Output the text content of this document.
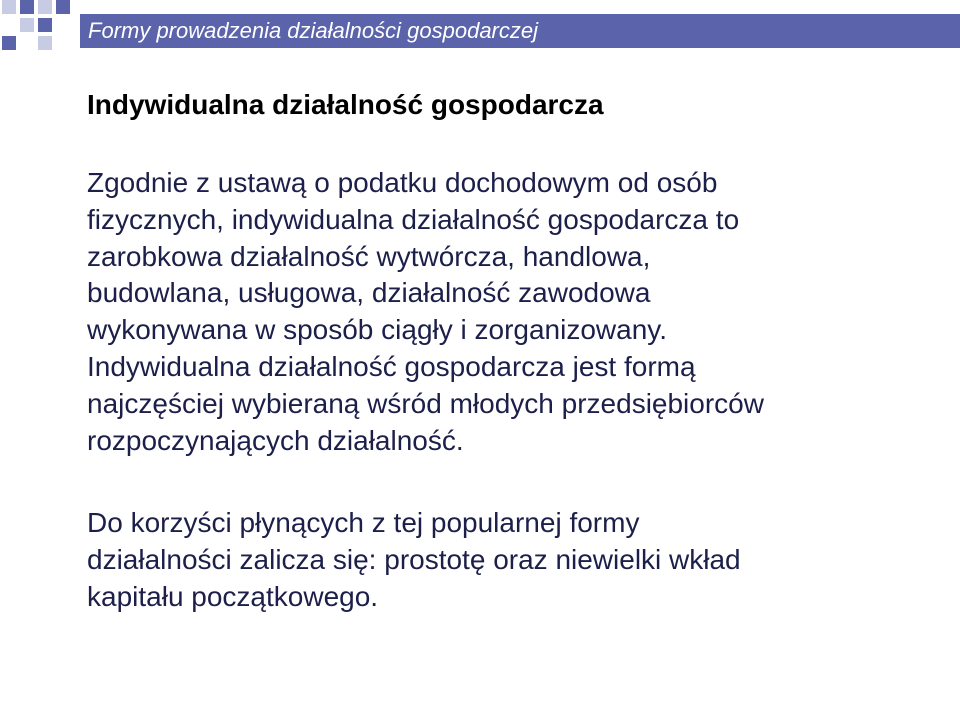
Formy prowadzenia działalności gospodarczej
Indywidualna działalność gospodarcza
Zgodnie z ustawą o podatku dochodowym od osób
fizycznych, indywidualna działalność gospodarcza to
zarobkowa działalność wytwórcza, handlowa,
budowlana, usługowa, działalność zawodowa
wykonywana w sposób ciągły i zorganizowany.
Indywidualna działalność gospodarcza jest formą
najczęściej wybieraną wśród młodych przedsiębiorców
rozpoczynających działalność.
Do korzyści płynących z tej popularnej formy
działalności zalicza się: prostotę oraz niewielki wkład
kapitału początkowego.
